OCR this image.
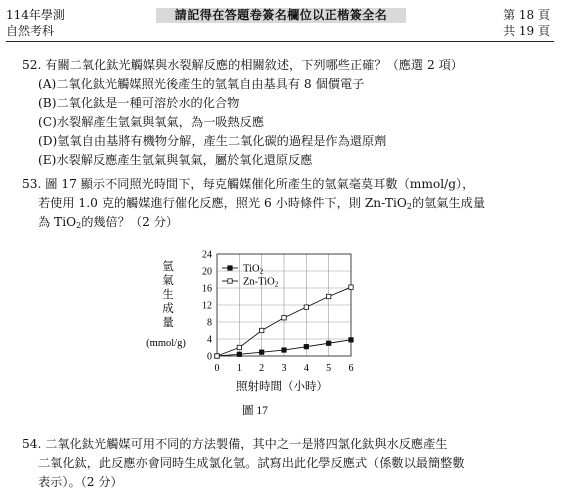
114年學測
自然考科
請記得在答題卷簽名欄位以正楷簽全名	第 18 頁
共 19 頁
52. 有關二氧化鈦光觸媒與水裂解反應的相關敘述，下列哪些正確？（應選 2 項）
(A)二氧化鈦光觸媒照光後產生的氫氧自由基具有 8 個價電子
(B)二氧化鈦是一種可溶於水的化合物
(C)水裂解產生氫氣與氧氣，為一吸熱反應
(D)氫氧自由基將有機物分解，產生二氧化碳的過程是作為還原劑
(E)水裂解反應產生氫氣與氧氣，屬於氧化還原反應
53. 圖 17 顯示不同照光時間下，每克觸媒催化所產生的氫氣毫莫耳數（mmol/g），
若使用 1.0 克的觸媒進行催化反應，照光 6 小時條件下，則 Zn-TiO$_2$的氫氣生成量
為 TiO$_2$的幾倍？（2 分）
氫
氣
生
成
量
(mmol/g)
0
4
8
12
16
20
24
0 1 2 3 4 5 6
TiO2
Zn-TiO2
照射時間（小時）
圖 17
54. 二氧化鈦光觸媒可用不同的方法製備，其中之一是將四氯化鈦與水反應產生
二氧化鈦，此反應亦會同時生成氯化氫。試寫出此化學反應式（係數以最簡整數
表示）。（2 分）
